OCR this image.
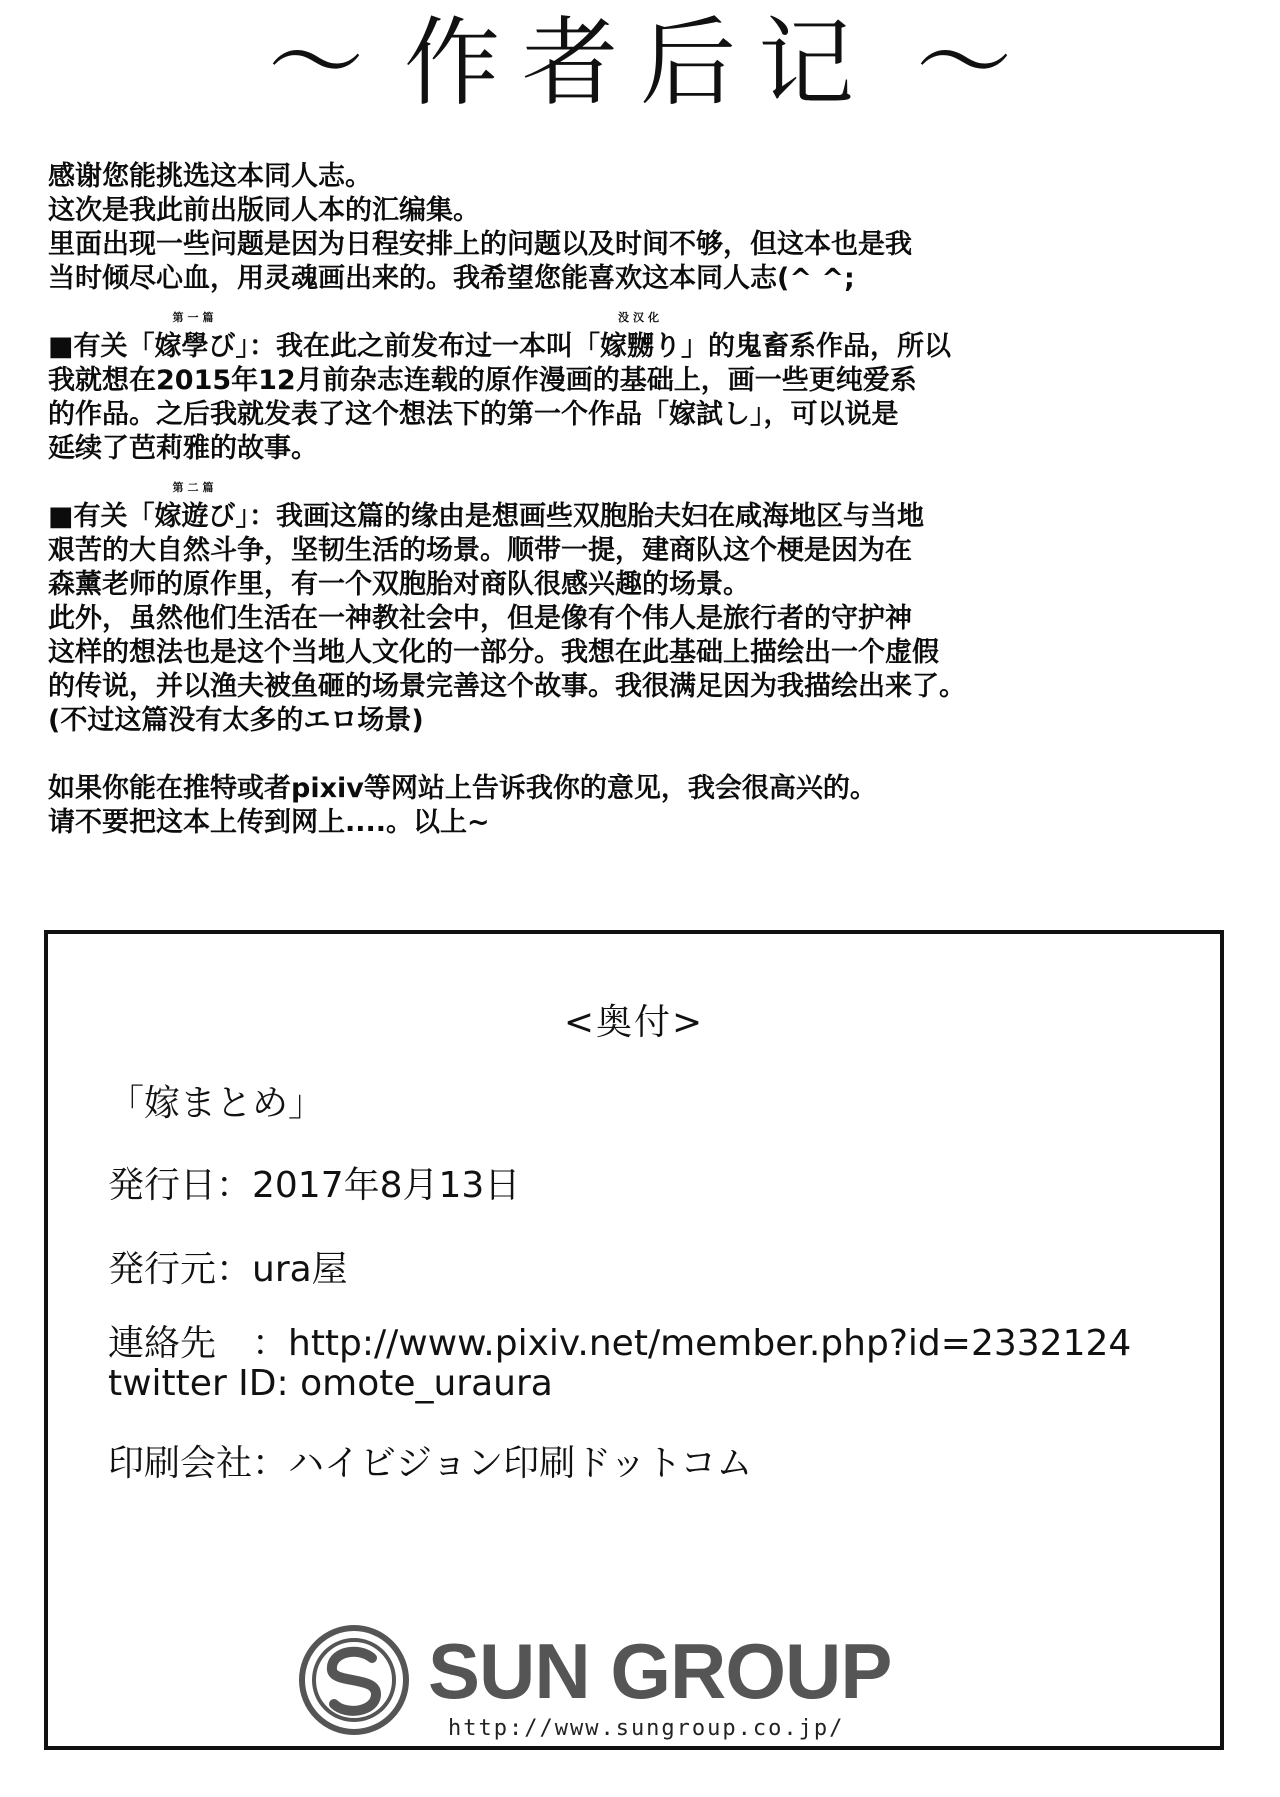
～ 作者后记 ～
感谢您能挑选这本同人志。
这次是我此前出版同人本的汇编集。
里面出现一些问题是因为日程安排上的问题以及时间不够，但这本也是我
当时倾尽心血，用灵魂画出来的。我希望您能喜欢这本同人志(^ ^;
■有关「
第一篇
嫁學び」：我在此之前发布过一本叫「
没汉化
嫁嬲り」的鬼畜系作品，所以
我就想在2015年12月前杂志连载的原作漫画的基础上，画一些更纯爱系
的作品。之后我就发表了这个想法下的第一个作品「嫁試し」，可以说是
延续了芭莉雅的故事。
■有关「
第二篇
嫁遊び」：我画这篇的缘由是想画些双胞胎夫妇在咸海地区与当地
艰苦的大自然斗争，坚韧生活的场景。顺带一提，建商队这个梗是因为在
森薰老师的原作里，有一个双胞胎对商队很感兴趣的场景。
此外，虽然他们生活在一神教社会中，但是像有个伟人是旅行者的守护神
这样的想法也是这个当地人文化的一部分。我想在此基础上描绘出一个虚假
的传说，并以渔夫被鱼砸的场景完善这个故事。我很满足因为我描绘出来了。
(不过这篇没有太多的エロ场景)
如果你能在推特或者pixiv等网站上告诉我你的意见，我会很高兴的。
请不要把这本上传到网上....。以上~
<奥付>
「嫁まとめ」
発行日：2017年8月13日
発行元：ura屋
連絡先　：http://www.pixiv.net/member.php?id=2332124
twitter ID: omote_uraura
印刷会社：ハイビジョン印刷ドットコム
SUN GROUP
http://www.sungroup.co.jp/
